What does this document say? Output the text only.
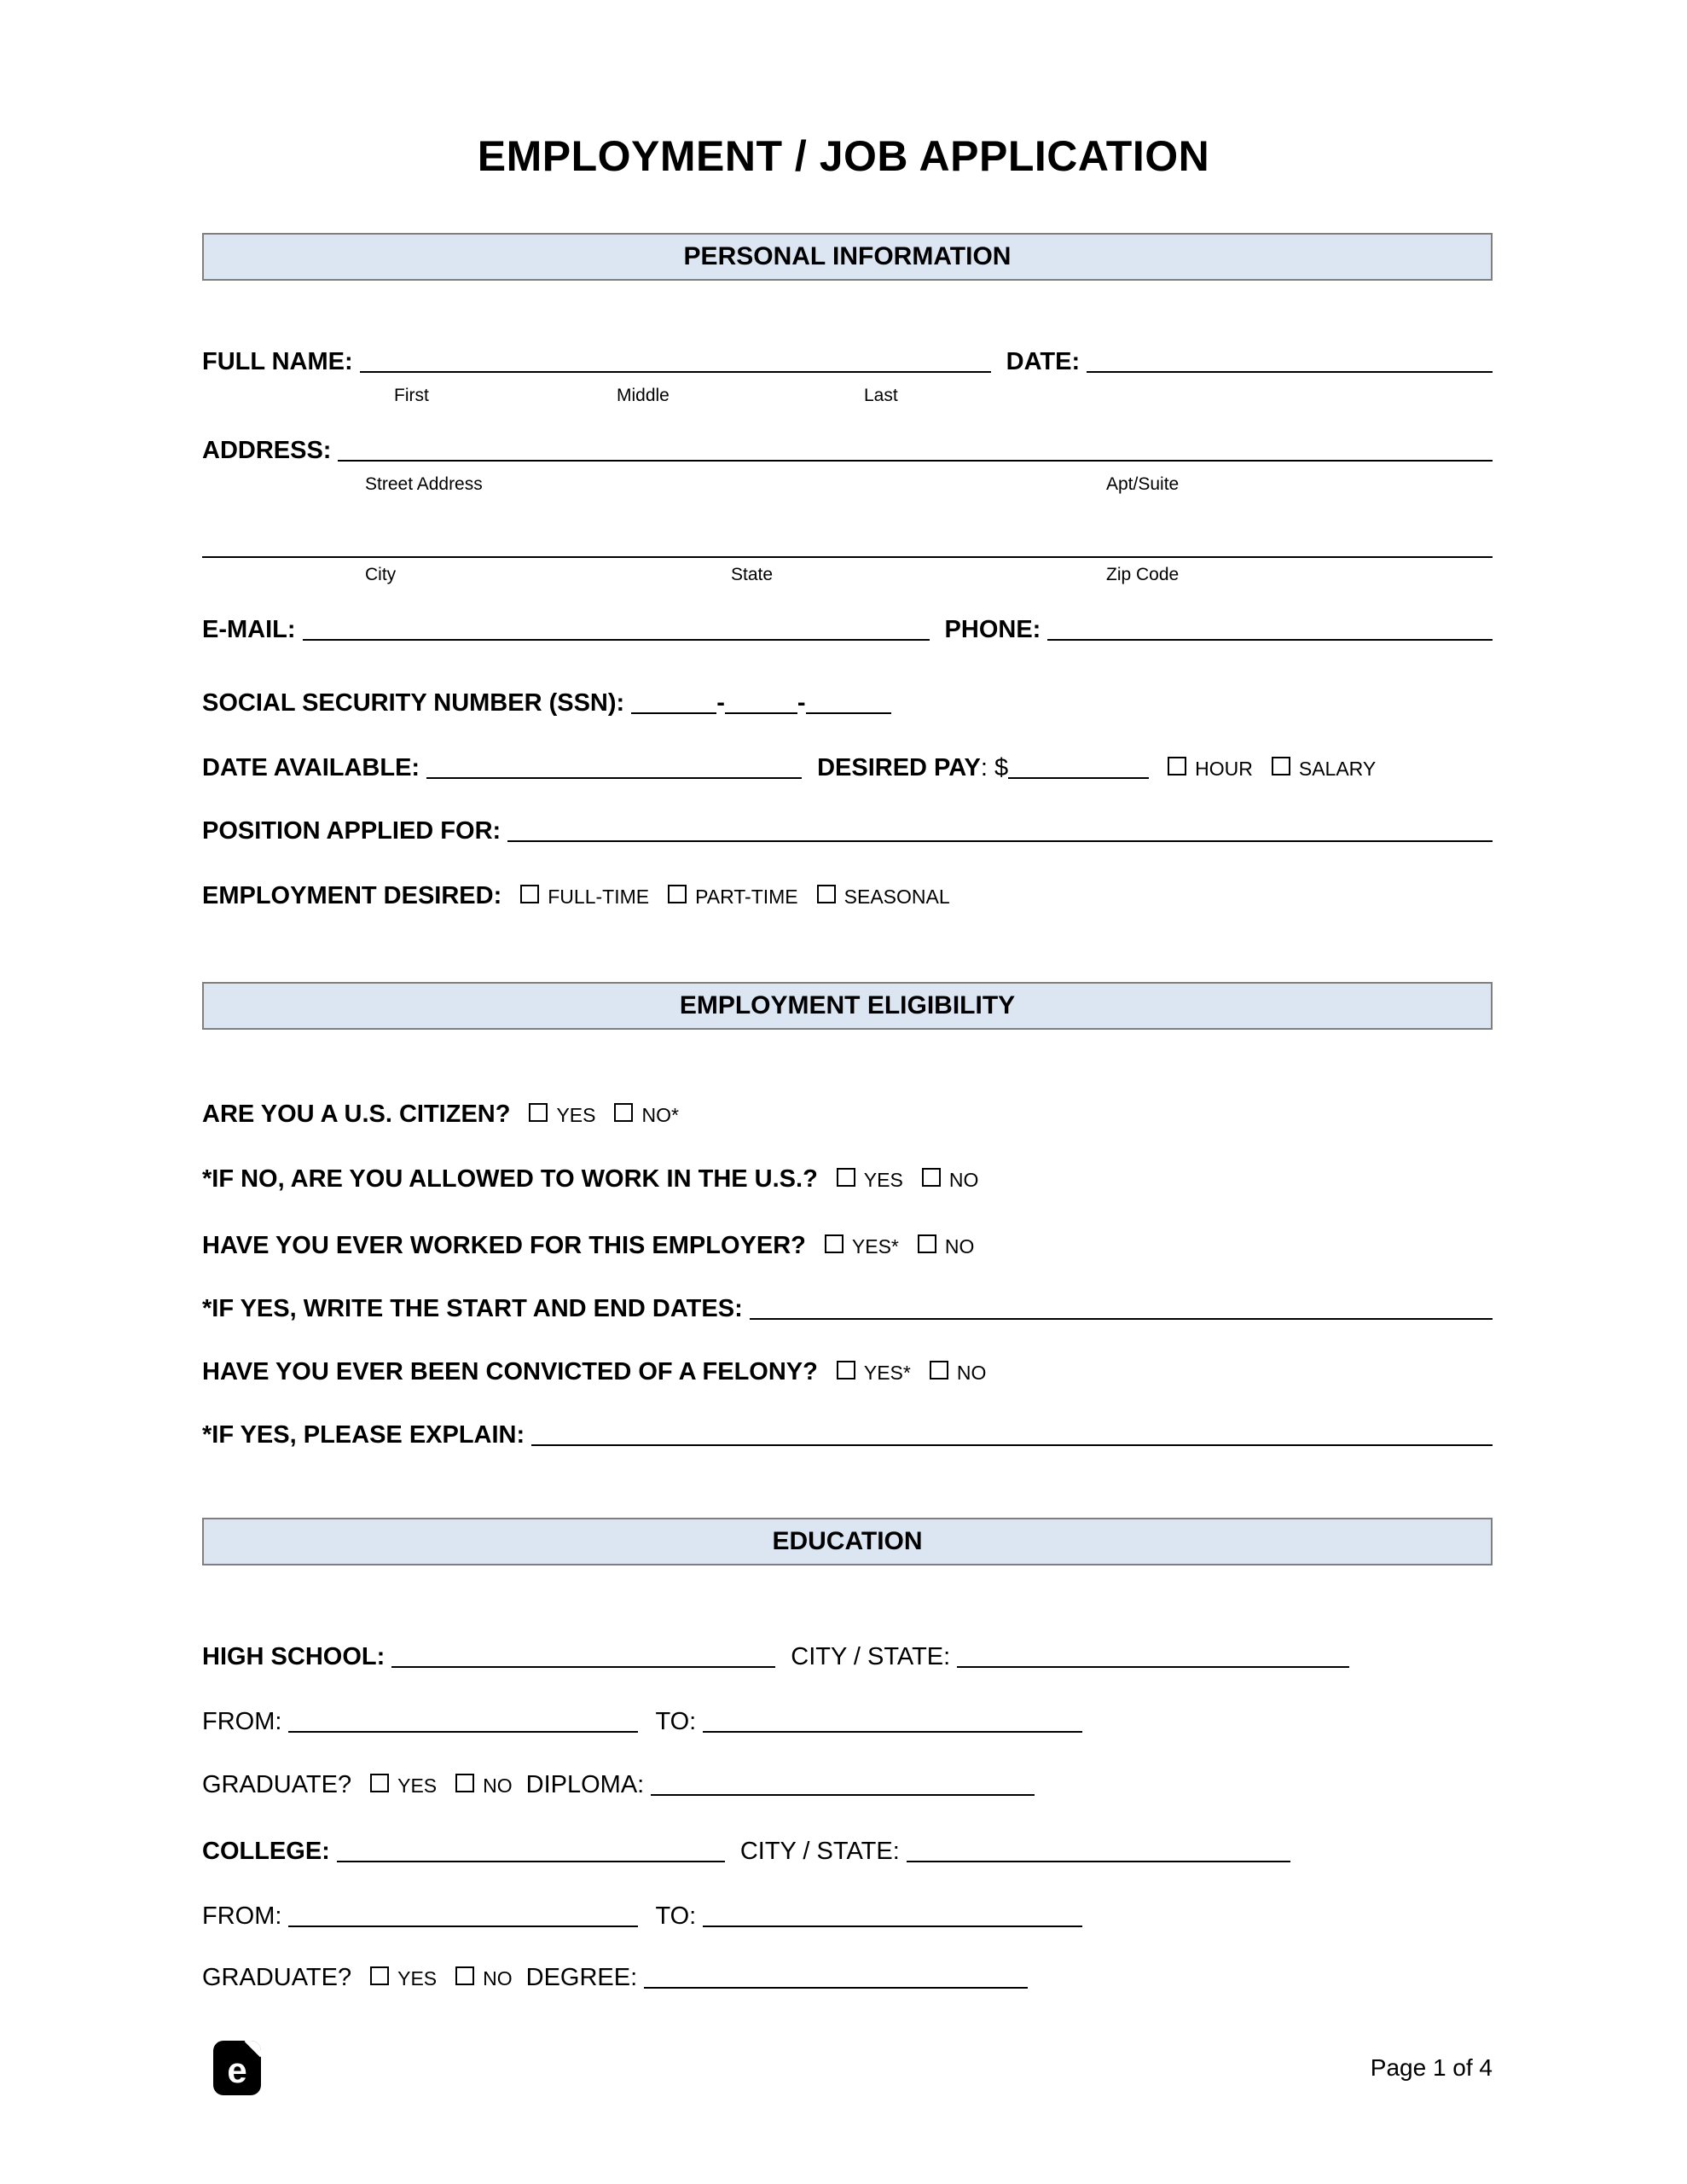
EMPLOYMENT / JOB APPLICATION
PERSONAL INFORMATION
FULL NAME:	DATE:
First	Middle	Last
ADDRESS:
Street Address	Apt/Suite
City	State	Zip Code
E-MAIL:	PHONE:
SOCIAL SECURITY NUMBER (SSN):	-	-
DATE AVAILABLE:	DESIRED PAY : $	HOUR SALARY
POSITION APPLIED FOR:
EMPLOYMENT DESIRED: FULL-TIME PART-TIME SEASONAL
EMPLOYMENT ELIGIBILITY
ARE YOU A U.S. CITIZEN? YES NO*
*IF NO, ARE YOU ALLOWED TO WORK IN THE U.S.? YES NO
HAVE YOU EVER WORKED FOR THIS EMPLOYER? YES* NO
*IF YES, WRITE THE START AND END DATES:
HAVE YOU EVER BEEN CONVICTED OF A FELONY? YES* NO
*IF YES, PLEASE EXPLAIN:
EDUCATION
HIGH SCHOOL:	CITY / STATE:
FROM:	TO:
GRADUATE? YES NO DIPLOMA:
COLLEGE:	CITY / STATE:
FROM:	TO:
GRADUATE? YES NO DEGREE:
e	Page 1 of 4
